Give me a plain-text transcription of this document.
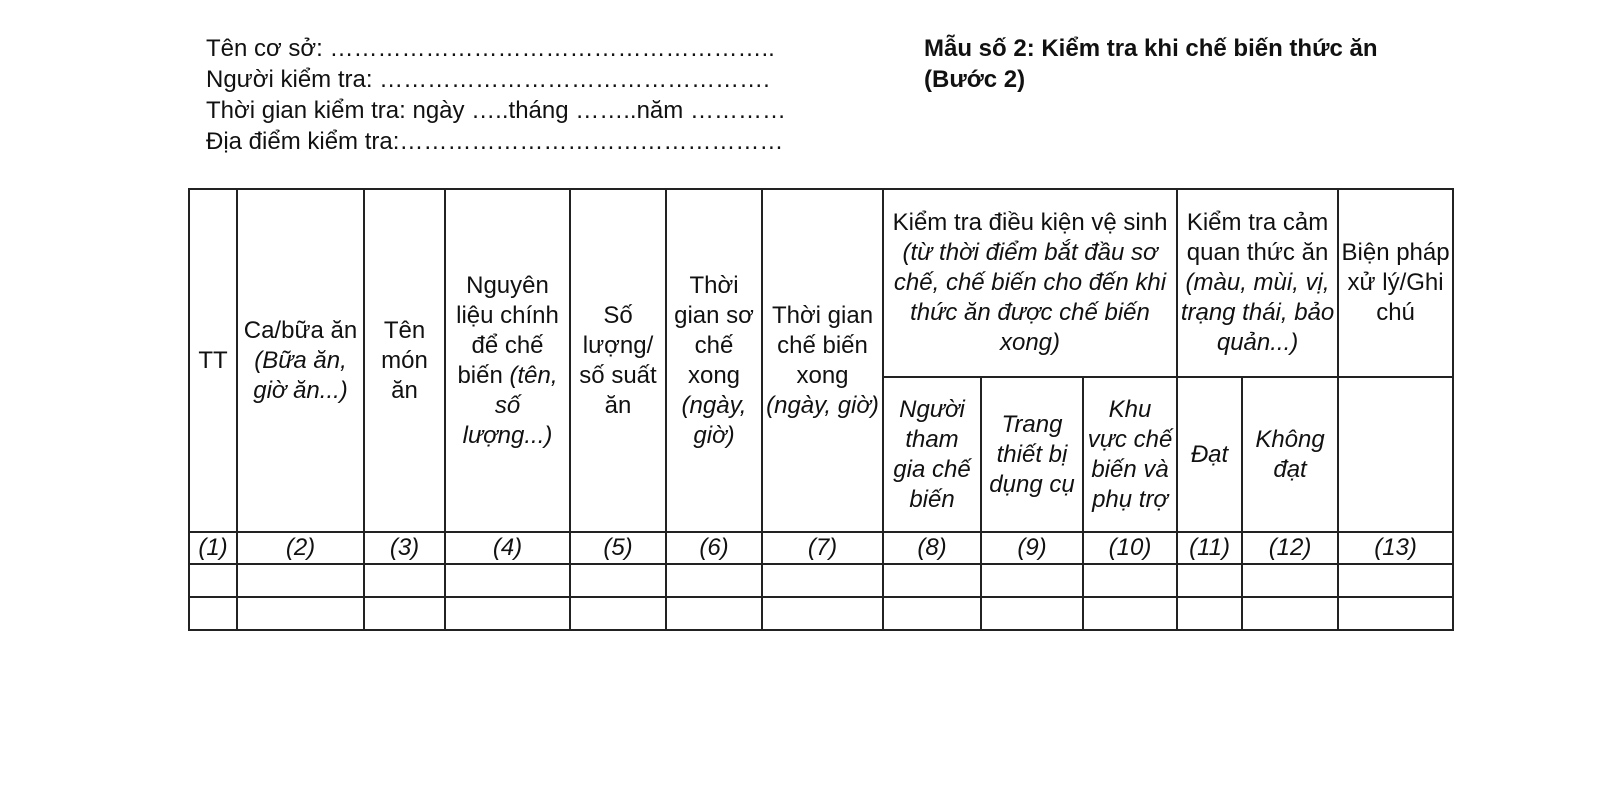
Tên cơ sở: ………………………………………………..
Người kiểm tra: ………………………………………….
Thời gian kiểm tra: ngày …..tháng ……..năm …………
Địa điểm kiểm tra:…………………………………………
Mẫu số 2: Kiểm tra khi chế biến thức ăn
(Bước 2)
TT	Ca/bữa ăn (Bữa ăn, giờ ăn...)	Tên món ăn	Nguyên liệu chính để chế biến (tên, số lượng...)	Số lượng/ số suất ăn	Thời gian sơ chế xong (ngày, giờ)	Thời gian chế biến xong (ngày, giờ)	Kiểm tra điều kiện vệ sinh (từ thời điểm bắt đầu sơ chế, chế biến cho đến khi thức ăn được chế biến xong)			Kiểm tra cảm quan thức ăn (màu, mùi, vị, trạng thái, bảo quản...)		Biện pháp xử lý/Ghi chú
							Người tham gia chế biến	Trang thiết bị dụng cụ	Khu vực chế biến và phụ trợ	Đạt	Không đạt	
(1)	(2)	(3)	(4)	(5)	(6)	(7)	(8)	(9)	(10)	(11)	(12)	(13)
